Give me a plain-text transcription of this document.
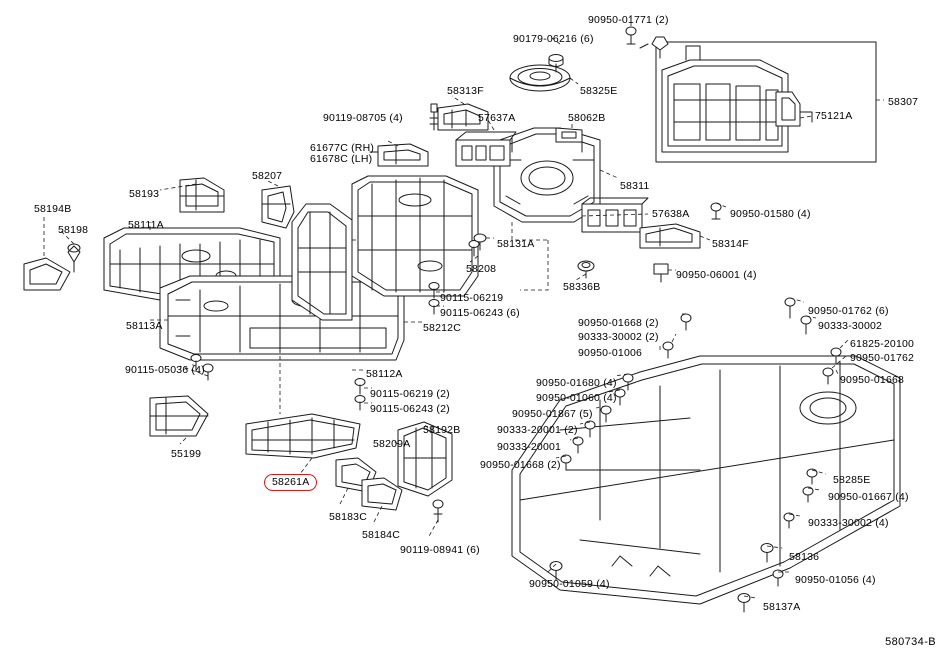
90950-01771 (2)
90179-06216 (6)
58307
75121A
58325E
58313F
57637A	58062B
90119-08705 (4)
61677C (RH)
61678C (LH)
58311
58207
58193
58194B
58198	58111A
57638A	90950-01580 (4)
58314F
58131A
58208
58336B
90950-06001 (4)
58113A
90115-06219
90115-06243 (6)
58212C
90950-01762 (6)
90333-30002
61825-20100
90950-01762
90950-01668 (2)
90333-30002 (2)
90950-01006
90950-01668
90115-05036 (4)	58112A
90950-01680 (4)
90115-06219 (2)	90950-01060 (4)
90115-06243 (2)	90950-01867 (5)
90333-20001 (2)
58192B
58209A	90333-20001
90950-01668 (2)
55199
58261A	58285E
90950-01667 (4)
90333-30002 (4)
58183C
58184C
90119-08941 (6)
58136
90950-01056 (4)
90950-01059 (4)
58137A
580734-B
